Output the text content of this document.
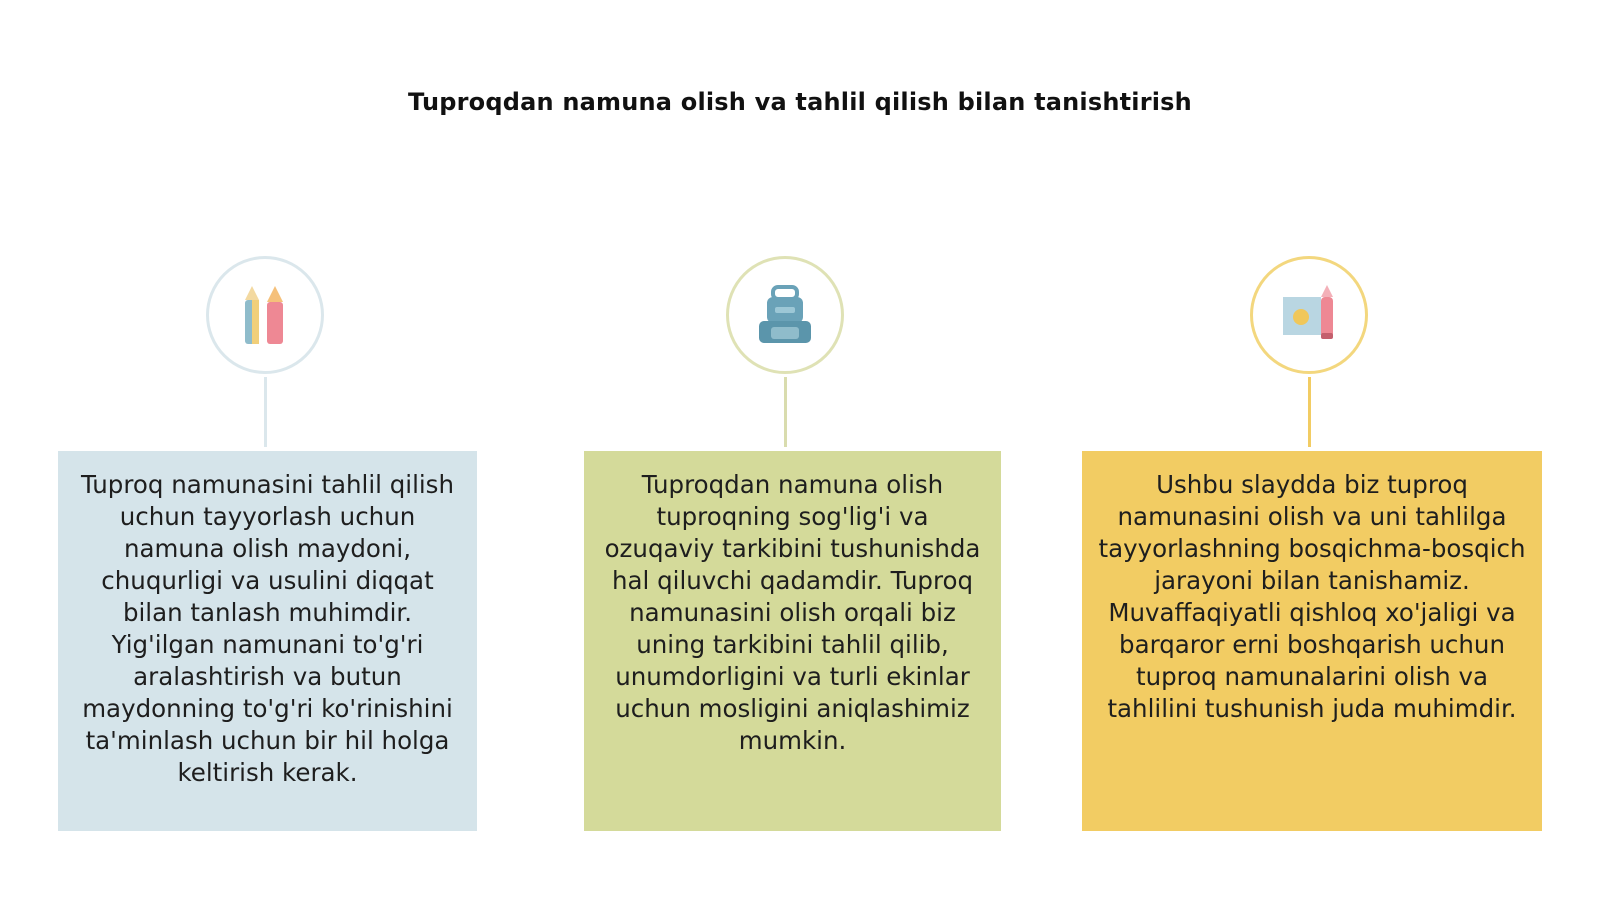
Tuproqdan namuna olish va tahlil qilish bilan tanishtirish
Tuproq namunasini tahlil qilish uchun tayyorlash uchun namuna olish maydoni, chuqurligi va usulini diqqat bilan tanlash muhimdir. Yig'ilgan namunani to'g'ri aralashtirish va butun maydonning to'g'ri ko'rinishini ta'minlash uchun bir hil holga keltirish kerak.
Tuproqdan namuna olish tuproqning sog'lig'i va ozuqaviy tarkibini tushunishda hal qiluvchi qadamdir. Tuproq namunasini olish orqali biz uning tarkibini tahlil qilib, unumdorligini va turli ekinlar uchun mosligini aniqlashimiz mumkin.
Ushbu slaydda biz tuproq namunasini olish va uni tahlilga tayyorlashning bosqichma-bosqich jarayoni bilan tanishamiz. Muvaffaqiyatli qishloq xo'jaligi va barqaror erni boshqarish uchun tuproq namunalarini olish va tahlilini tushunish juda muhimdir.
